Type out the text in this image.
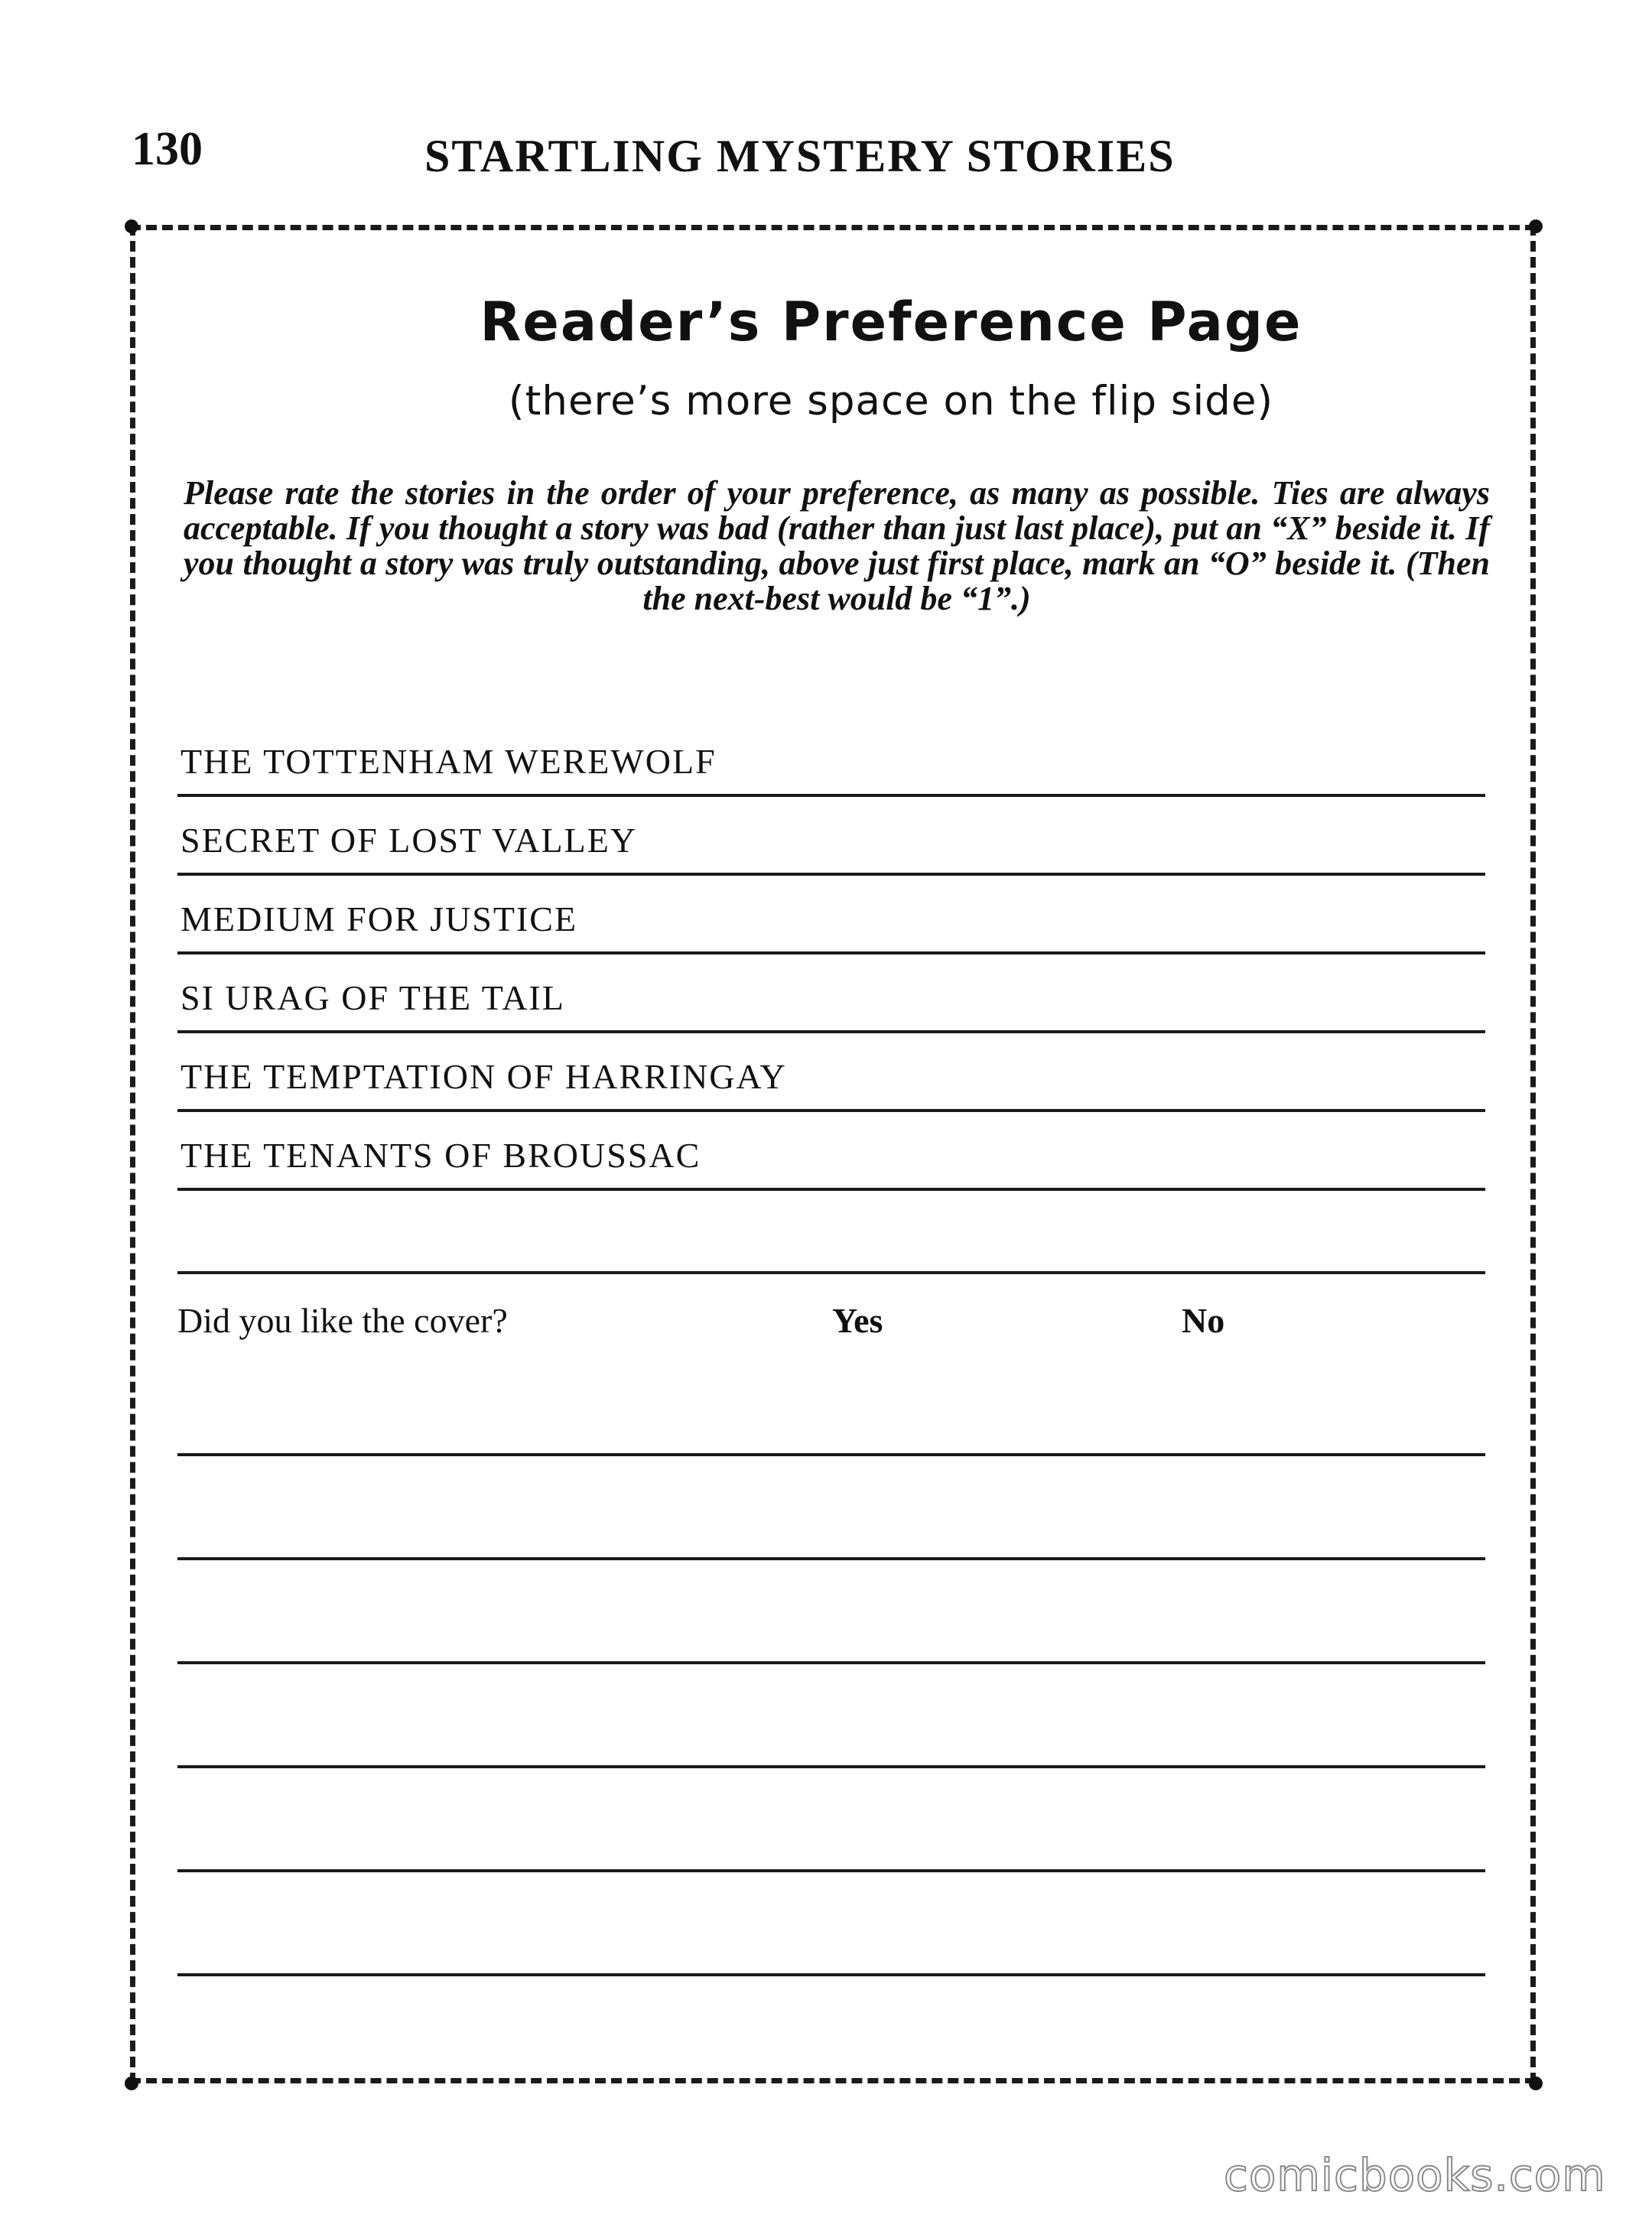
130	STARTLING MYSTERY STORIES
Reader’s Preference Page
(there’s more space on the flip side)
Please rate the stories in the order of your preference, as many as possible. Ties are always acceptable. If you thought a story was bad (rather than just last place), put an “X” beside it. If you thought a story was truly outstanding, above just first place, mark an “O” beside it. (Then the next-best would be “1”.)
THE TOTTENHAM WEREWOLF
SECRET OF LOST VALLEY
MEDIUM FOR JUSTICE
SI URAG OF THE TAIL
THE TEMPTATION OF HARRINGAY
THE TENANTS OF BROUSSAC
Did you like the cover?	Yes	No
comicbooks.com
